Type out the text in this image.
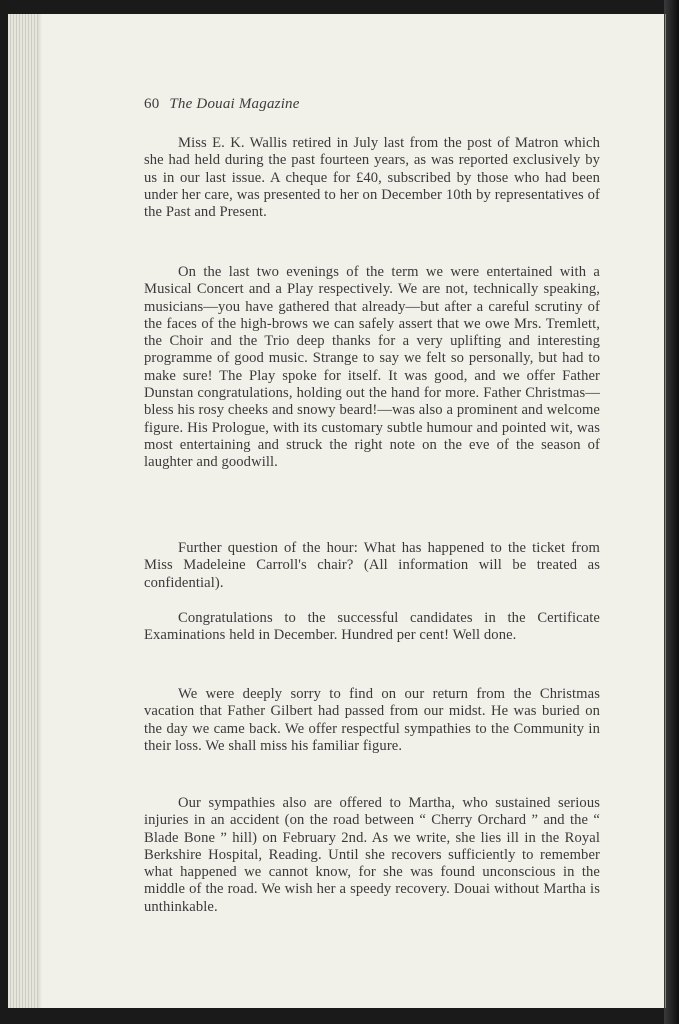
60 The Douai Magazine

Miss E. K. Wallis retired in July last from the post of Matron which she had held during the past fourteen years, as was reported exclusively by us in our last issue. A cheque for £40, subscribed by those who had been under her care, was presented to her on December 10th by representatives of the Past and Present.

On the last two evenings of the term we were entertained with a Musical Concert and a Play respectively. We are not, technically speaking, musicians—you have gathered that already—but after a careful scrutiny of the faces of the high-brows we can safely assert that we owe Mrs. Tremlett, the Choir and the Trio deep thanks for a very uplifting and interesting programme of good music. Strange to say we felt so personally, but had to make sure! The Play spoke for itself. It was good, and we offer Father Dunstan congratulations, holding out the hand for more. Father Christmas—bless his rosy cheeks and snowy beard!—was also a prominent and welcome figure. His Prologue, with its customary subtle humour and pointed wit, was most entertaining and struck the right note on the eve of the season of laughter and goodwill.

Further question of the hour: What has happened to the ticket from Miss Madeleine Carroll's chair? (All information will be treated as confidential).

Congratulations to the successful candidates in the Certificate Examinations held in December. Hundred per cent! Well done.

We were deeply sorry to find on our return from the Christmas vacation that Father Gilbert had passed from our midst. He was buried on the day we came back. We offer respectful sympathies to the Community in their loss. We shall miss his familiar figure.

Our sympathies also are offered to Martha, who sustained serious injuries in an accident (on the road between “ Cherry Orchard ” and the “ Blade Bone ” hill) on February 2nd. As we write, she lies ill in the Royal Berkshire Hospital, Reading. Until she recovers sufficiently to remember what happened we cannot know, for she was found unconscious in the middle of the road. We wish her a speedy recovery. Douai without Martha is unthinkable.
